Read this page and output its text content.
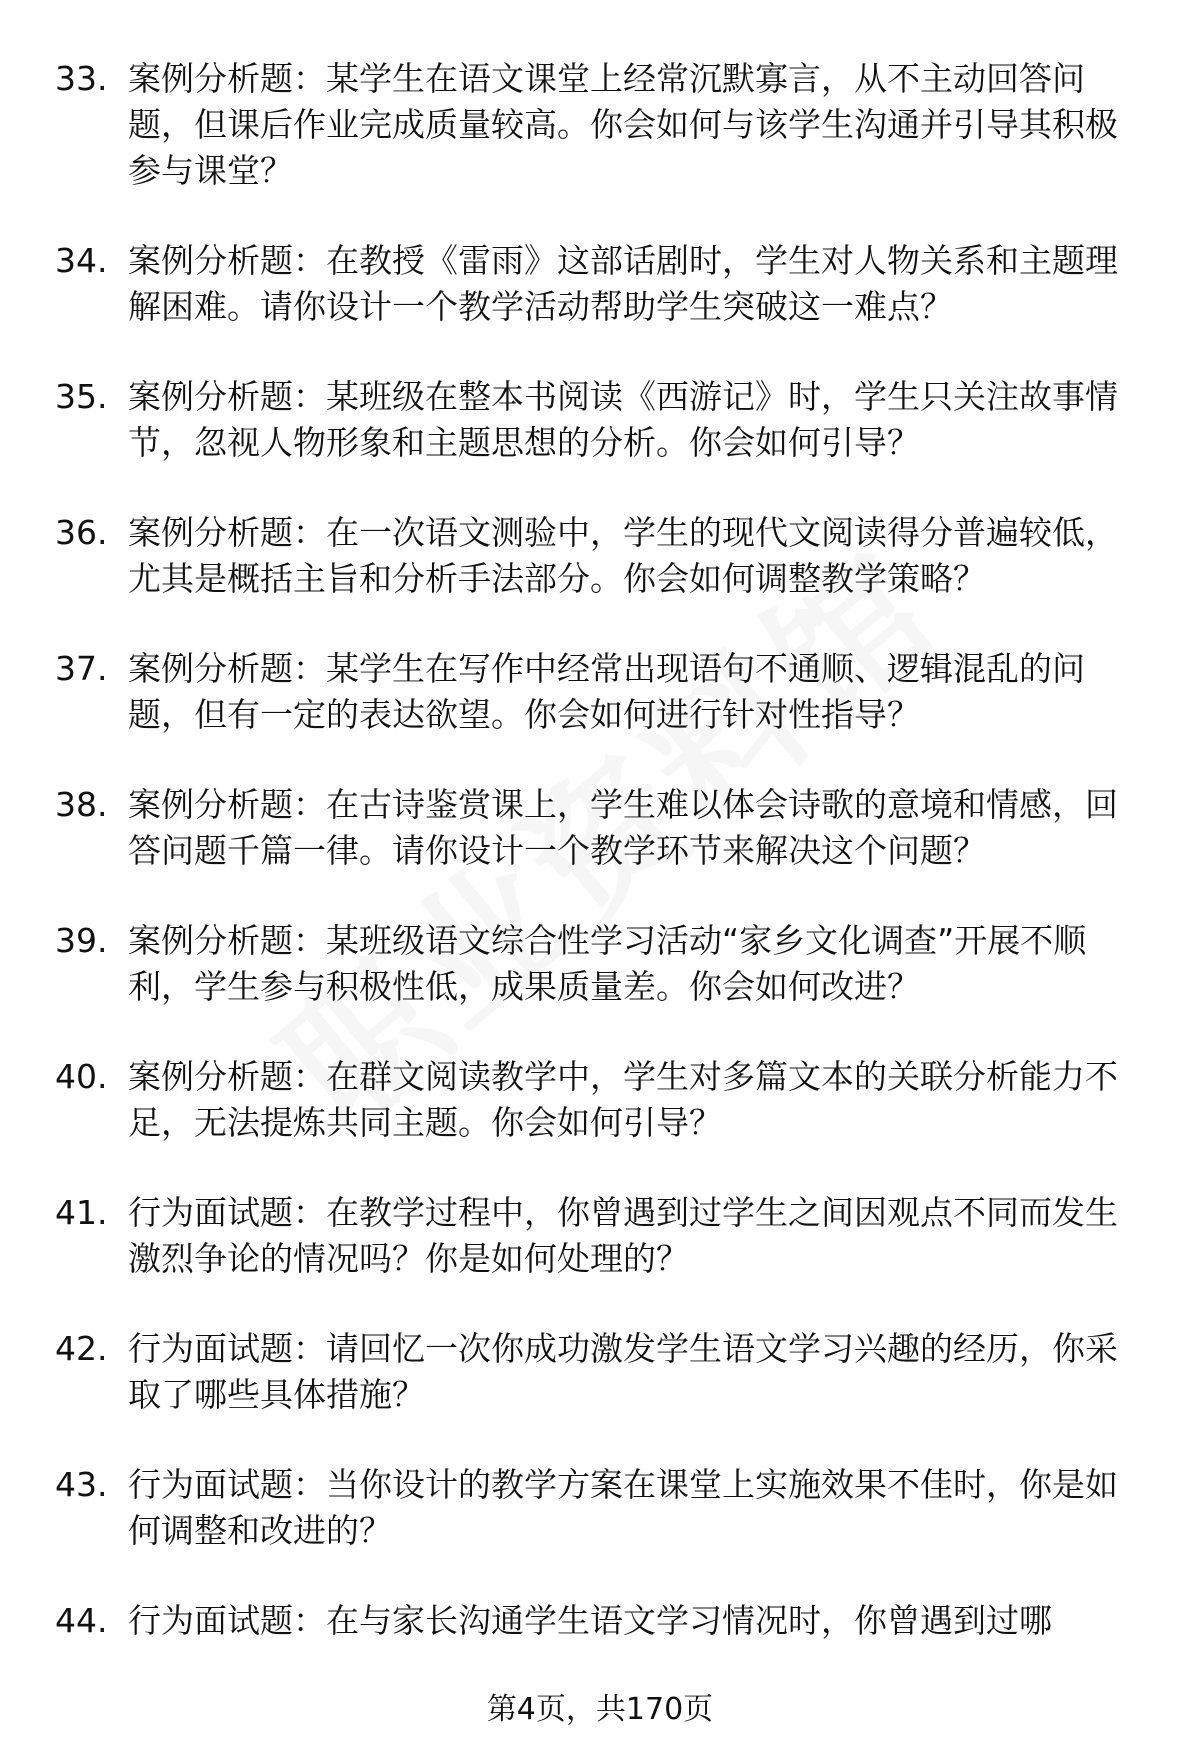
33. 案例分析题：某学生在语文课堂上经常沉默寡言，从不主动回答问题，但课后作业完成质量较高。你会如何与该学生沟通并引导其积极参与课堂？
34. 案例分析题：在教授《雷雨》这部话剧时，学生对人物关系和主题理解困难。请你设计一个教学活动帮助学生突破这一难点？
35. 案例分析题：某班级在整本书阅读《西游记》时，学生只关注故事情节，忽视人物形象和主题思想的分析。你会如何引导？
36. 案例分析题：在一次语文测验中，学生的现代文阅读得分普遍较低，尤其是概括主旨和分析手法部分。你会如何调整教学策略？
37. 案例分析题：某学生在写作中经常出现语句不通顺、逻辑混乱的问题，但有一定的表达欲望。你会如何进行针对性指导？
38. 案例分析题：在古诗鉴赏课上，学生难以体会诗歌的意境和情感，回答问题千篇一律。请你设计一个教学环节来解决这个问题？
39. 案例分析题：某班级语文综合性学习活动“家乡文化调查”开展不顺利，学生参与积极性低，成果质量差。你会如何改进？
40. 案例分析题：在群文阅读教学中，学生对多篇文本的关联分析能力不足，无法提炼共同主题。你会如何引导？
41. 行为面试题：在教学过程中，你曾遇到过学生之间因观点不同而发生激烈争论的情况吗？你是如何处理的？
42. 行为面试题：请回忆一次你成功激发学生语文学习兴趣的经历，你采取了哪些具体措施？
43. 行为面试题：当你设计的教学方案在课堂上实施效果不佳时，你是如何调整和改进的？
44. 行为面试题：在与家长沟通学生语文学习情况时，你曾遇到过哪
第4页，共170页
